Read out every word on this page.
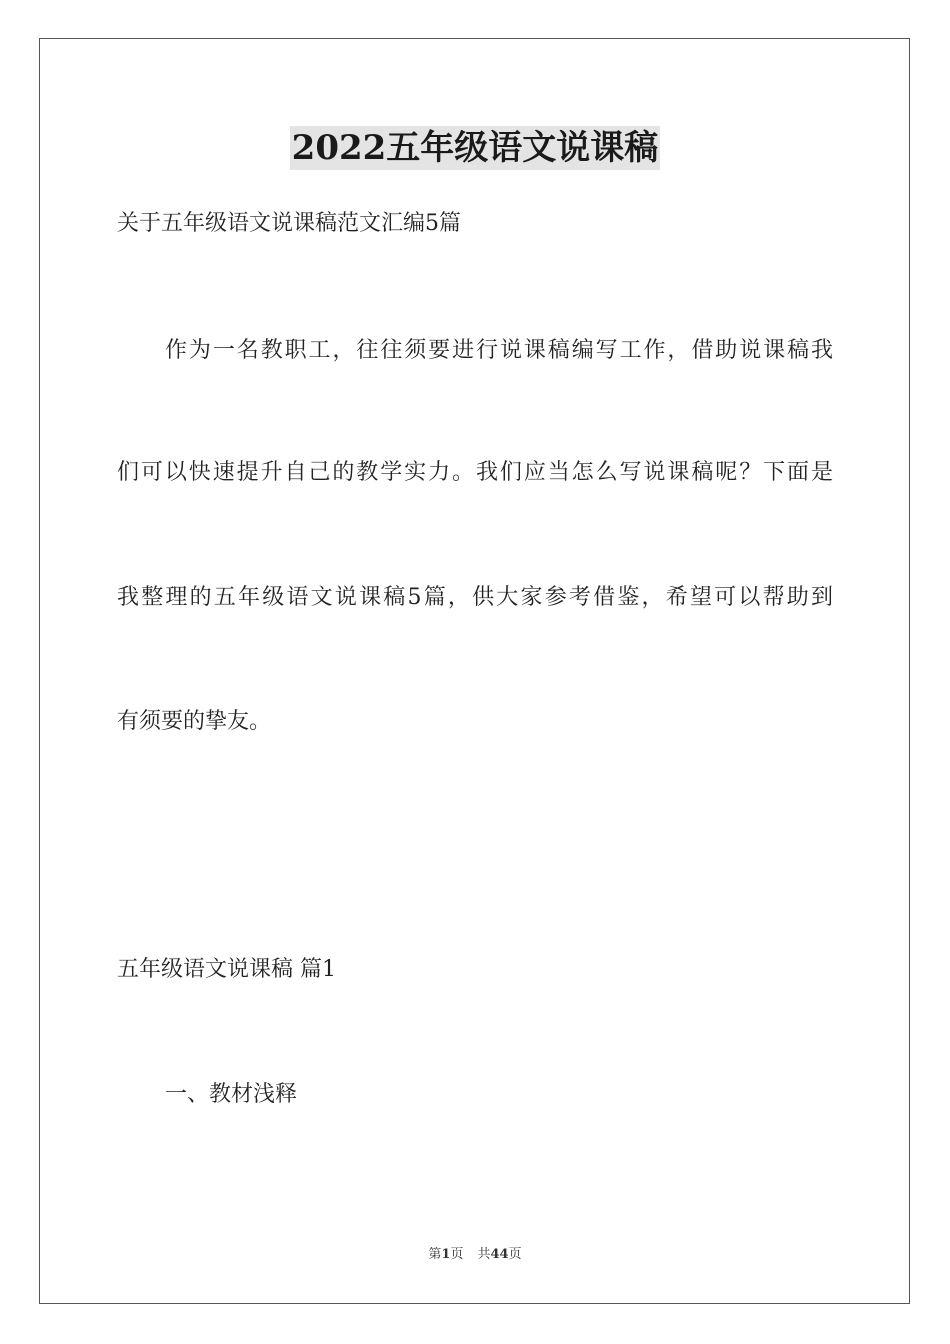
2022五年级语文说课稿
关于五年级语文说课稿范文汇编5篇
作为一名教职工，往往须要进行说课稿编写工作，借助说课稿我
们可以快速提升自己的教学实力。我们应当怎么写说课稿呢？下面是
我整理的五年级语文说课稿5篇，供大家参考借鉴，希望可以帮助到
有须要的挚友。
五年级语文说课稿 篇1
一、教材浅释
第1页 共44页
